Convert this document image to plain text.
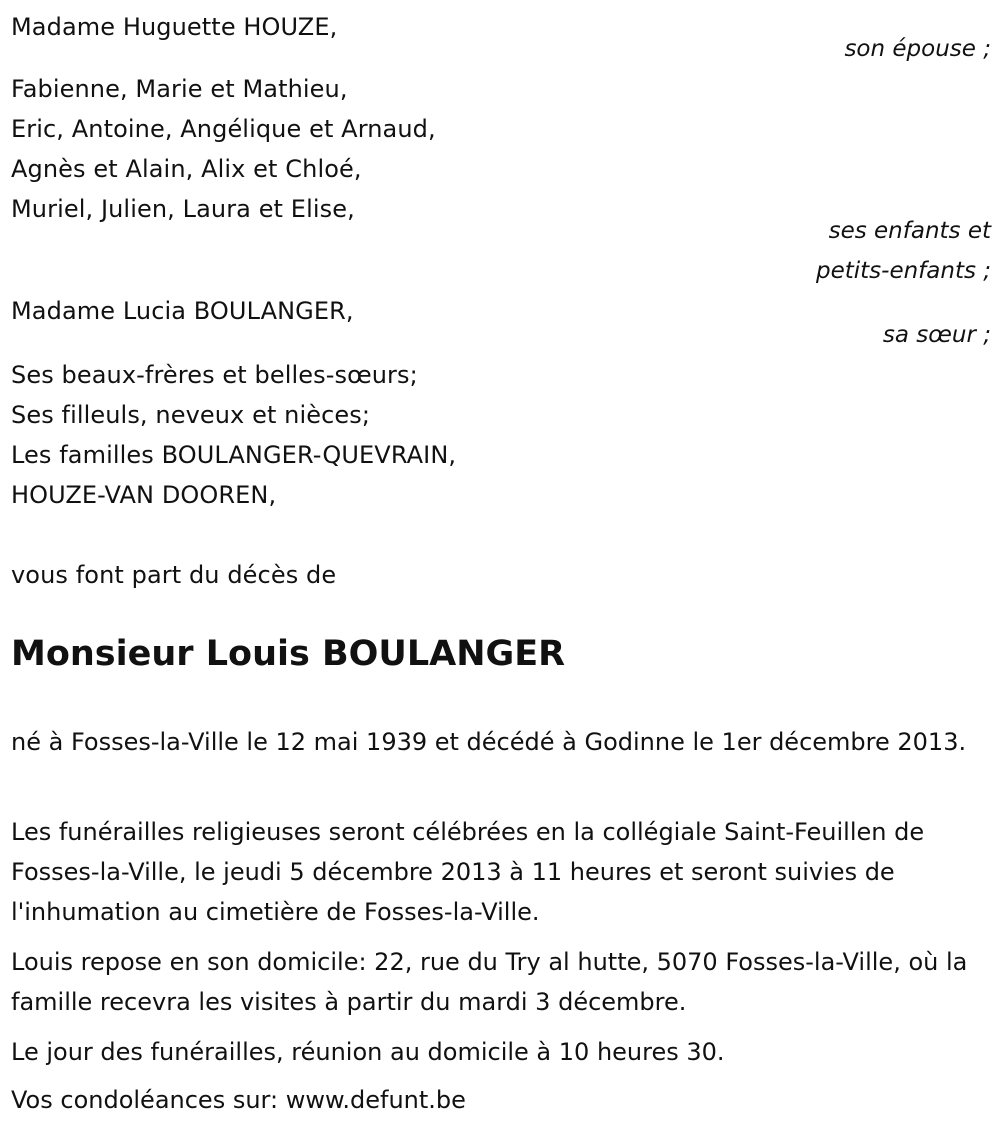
Madame Huguette HOUZE,
son épouse ;
Fabienne, Marie et Mathieu,
Eric, Antoine, Angélique et Arnaud,
Agnès et Alain, Alix et Chloé,
Muriel, Julien, Laura et Elise,
ses enfants et
petits-enfants ;
Madame Lucia BOULANGER,
sa sœur ;
Ses beaux-frères et belles-sœurs;
Ses filleuls, neveux et nièces;
Les familles BOULANGER-QUEVRAIN,
HOUZE-VAN DOOREN,
vous font part du décès de
Monsieur Louis BOULANGER
né à Fosses-la-Ville le 12 mai 1939 et décédé à Godinne le 1er décembre 2013.
Les funérailles religieuses seront célébrées en la collégiale Saint-Feuillen de Fosses-la-Ville, le jeudi 5 décembre 2013 à 11 heures et seront suivies de l'inhumation au cimetière de Fosses-la-Ville.
Louis repose en son domicile: 22, rue du Try al hutte, 5070 Fosses-la-Ville, où la famille recevra les visites à partir du mardi 3 décembre.
Le jour des funérailles, réunion au domicile à 10 heures 30.
Vos condoléances sur: www.defunt.be
